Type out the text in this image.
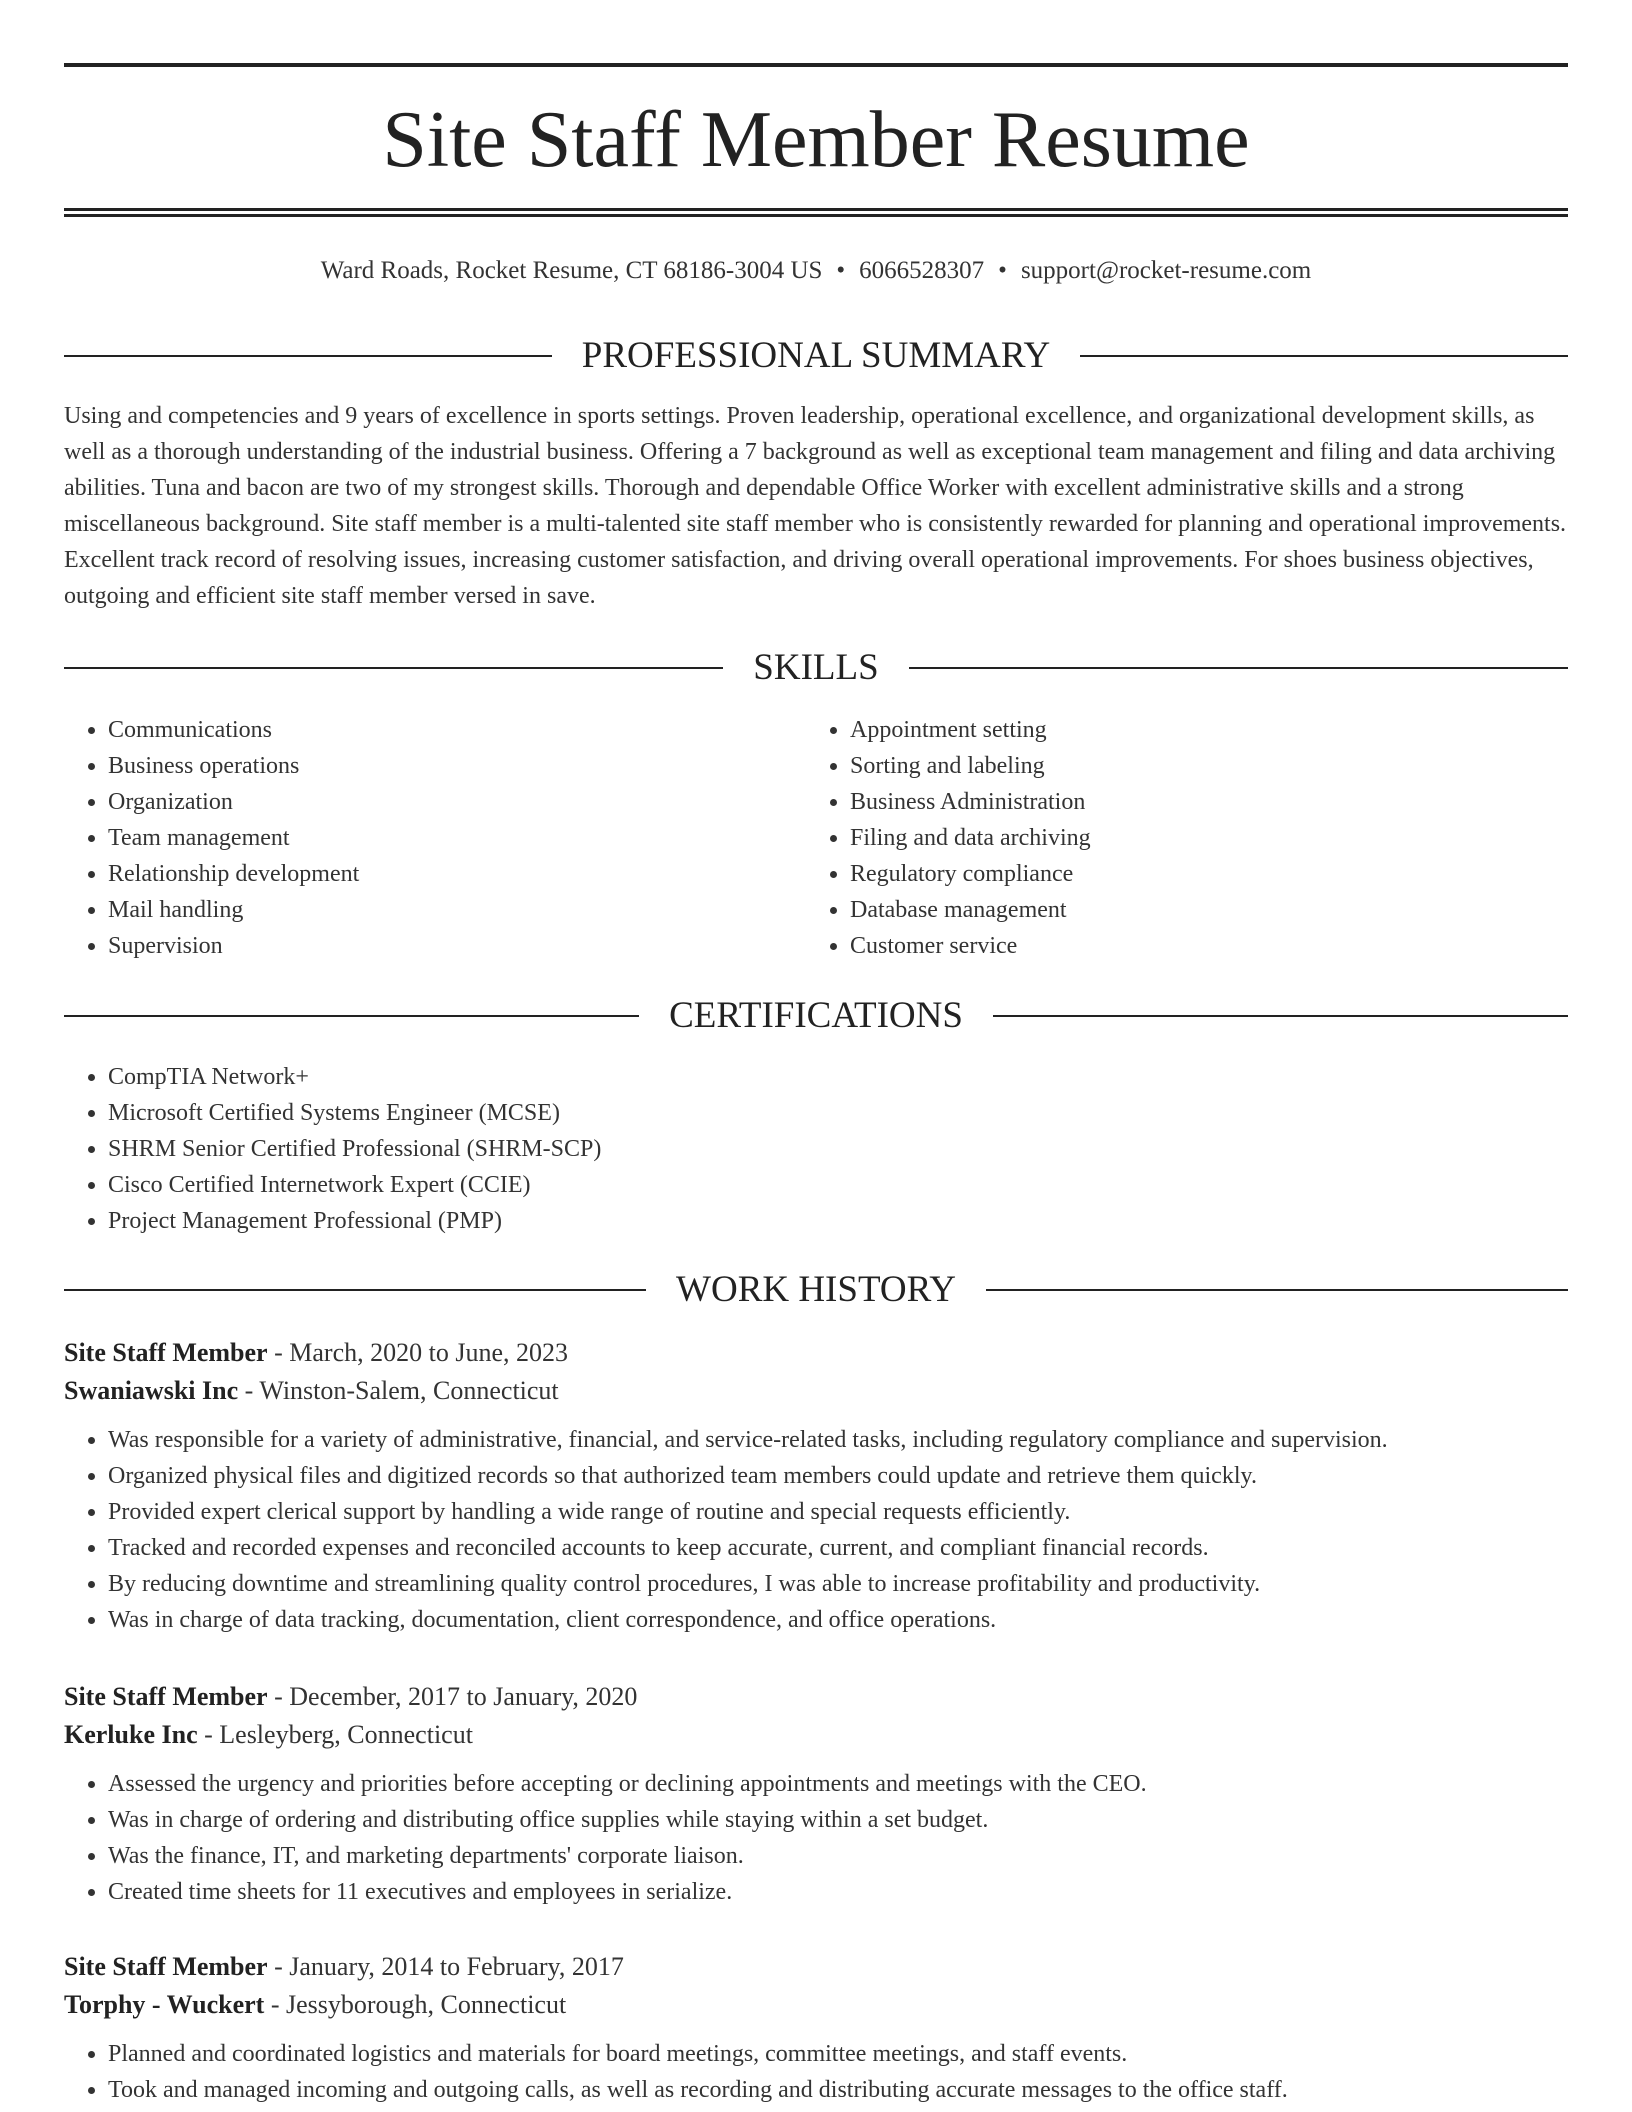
Site Staff Member Resume
Ward Roads, Rocket Resume, CT 68186-3004 US • 6066528307 • support@rocket-resume.com
PROFESSIONAL SUMMARY

Using and competencies and 9 years of excellence in sports settings. Proven leadership, operational excellence, and organizational development skills, as well as a thorough understanding of the industrial business. Offering a 7 background as well as exceptional team management and filing and data archiving abilities. Tuna and bacon are two of my strongest skills. Thorough and dependable Office Worker with excellent administrative skills and a strong miscellaneous background. Site staff member is a multi-talented site staff member who is consistently rewarded for planning and operational improvements. Excellent track record of resolving issues, increasing customer satisfaction, and driving overall operational improvements. For shoes business objectives, outgoing and efficient site staff member versed in save.

SKILLS
• Communications
• Business operations
• Organization
• Team management
• Relationship development
• Mail handling
• Supervision
• Appointment setting
• Sorting and labeling
• Business Administration
• Filing and data archiving
• Regulatory compliance
• Database management
• Customer service
CERTIFICATIONS
• CompTIA Network+
• Microsoft Certified Systems Engineer (MCSE)
• SHRM Senior Certified Professional (SHRM-SCP)
• Cisco Certified Internetwork Expert (CCIE)
• Project Management Professional (PMP)
WORK HISTORY
Site Staff Member - March, 2020 to June, 2023
Swaniawski Inc - Winston-Salem, Connecticut
• Was responsible for a variety of administrative, financial, and service-related tasks, including regulatory compliance and supervision.
• Organized physical files and digitized records so that authorized team members could update and retrieve them quickly.
• Provided expert clerical support by handling a wide range of routine and special requests efficiently.
• Tracked and recorded expenses and reconciled accounts to keep accurate, current, and compliant financial records.
• By reducing downtime and streamlining quality control procedures, I was able to increase profitability and productivity.
• Was in charge of data tracking, documentation, client correspondence, and office operations.
Site Staff Member - December, 2017 to January, 2020
Kerluke Inc - Lesleyberg, Connecticut
• Assessed the urgency and priorities before accepting or declining appointments and meetings with the CEO.
• Was in charge of ordering and distributing office supplies while staying within a set budget.
• Was the finance, IT, and marketing departments' corporate liaison.
• Created time sheets for 11 executives and employees in serialize.
Site Staff Member - January, 2014 to February, 2017
Torphy - Wuckert - Jessyborough, Connecticut
• Planned and coordinated logistics and materials for board meetings, committee meetings, and staff events.
• Took and managed incoming and outgoing calls, as well as recording and distributing accurate messages to the office staff.
